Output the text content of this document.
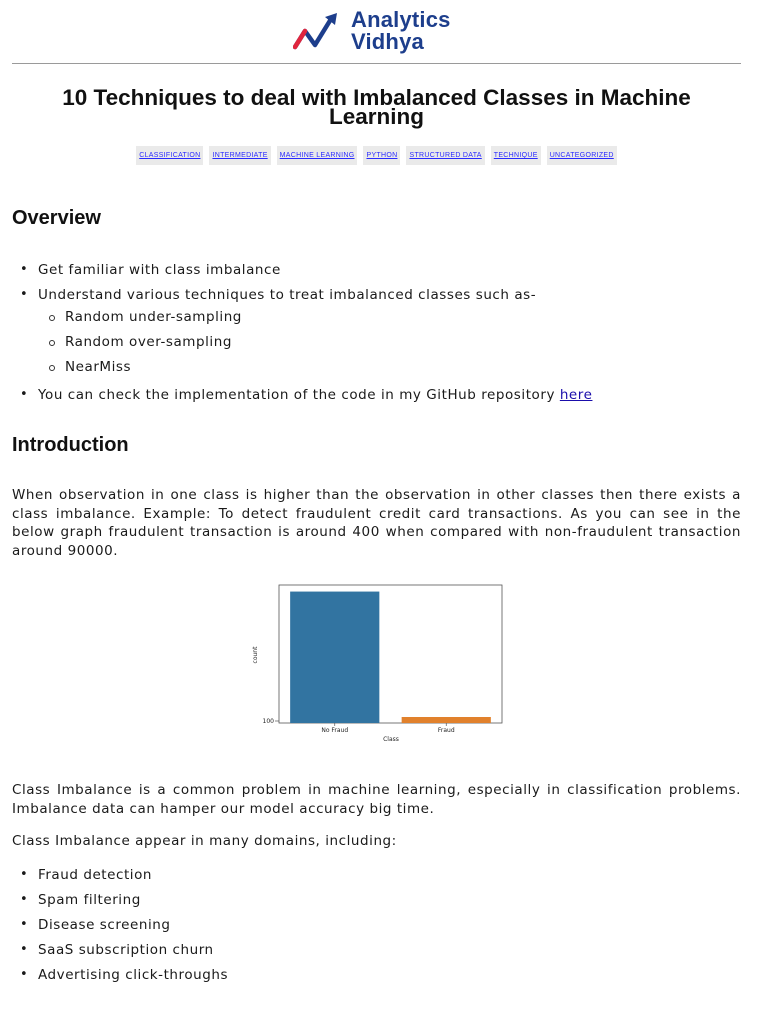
Analytics
Vidhya
10 Techniques to deal with Imbalanced Classes in Machine Learning
CLASSIFICATION INTERMEDIATE MACHINE LEARNING PYTHON STRUCTURED DATA TECHNIQUE UNCATEGORIZED
Overview
• Get familiar with class imbalance
• Understand various techniques to treat imbalanced classes such as-
Random under-sampling
Random over-sampling
NearMiss
• You can check the implementation of the code in my GitHub repository here
Introduction
When observation in one class is higher than the observation in other classes then there exists a class imbalance. Example: To detect fraudulent credit card transactions. As you can see in the below graph fraudulent transaction is around 400 when compared with non-fraudulent transaction around 90000.
100
count
No Fraud	Fraud
Class
Class Imbalance is a common problem in machine learning, especially in classification problems. Imbalance data can hamper our model accuracy big time.
Class Imbalance appear in many domains, including:
• Fraud detection
• Spam filtering
• Disease screening
• SaaS subscription churn
• Advertising click-throughs
